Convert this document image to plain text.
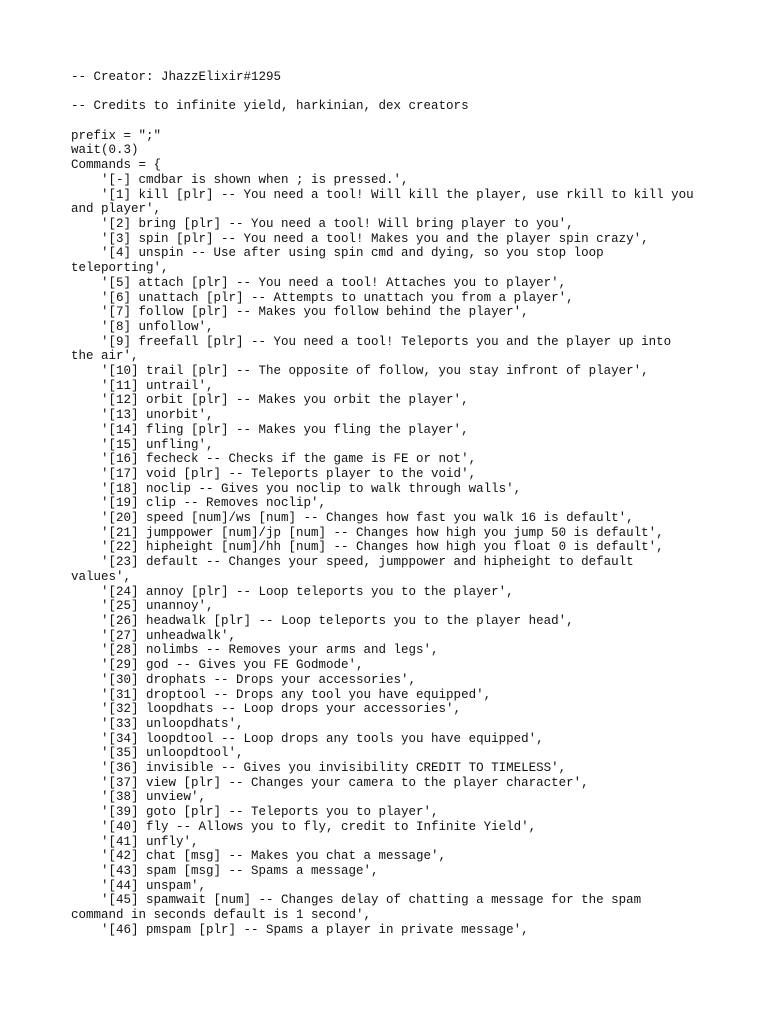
-- Creator: JhazzElixir#1295
-- Credits to infinite yield, harkinian, dex creators
prefix = ";"
wait(0.3)
Commands = {
'[-] cmdbar is shown when ; is pressed.',
'[1] kill [plr] -- You need a tool! Will kill the player, use rkill to kill you
and player',
'[2] bring [plr] -- You need a tool! Will bring player to you',
'[3] spin [plr] -- You need a tool! Makes you and the player spin crazy',
'[4] unspin -- Use after using spin cmd and dying, so you stop loop
teleporting',
'[5] attach [plr] -- You need a tool! Attaches you to player',
'[6] unattach [plr] -- Attempts to unattach you from a player',
'[7] follow [plr] -- Makes you follow behind the player',
'[8] unfollow',
'[9] freefall [plr] -- You need a tool! Teleports you and the player up into
the air',
'[10] trail [plr] -- The opposite of follow, you stay infront of player',
'[11] untrail',
'[12] orbit [plr] -- Makes you orbit the player',
'[13] unorbit',
'[14] fling [plr] -- Makes you fling the player',
'[15] unfling',
'[16] fecheck -- Checks if the game is FE or not',
'[17] void [plr] -- Teleports player to the void',
'[18] noclip -- Gives you noclip to walk through walls',
'[19] clip -- Removes noclip',
'[20] speed [num]/ws [num] -- Changes how fast you walk 16 is default',
'[21] jumppower [num]/jp [num] -- Changes how high you jump 50 is default',
'[22] hipheight [num]/hh [num] -- Changes how high you float 0 is default',
'[23] default -- Changes your speed, jumppower and hipheight to default
values',
'[24] annoy [plr] -- Loop teleports you to the player',
'[25] unannoy',
'[26] headwalk [plr] -- Loop teleports you to the player head',
'[27] unheadwalk',
'[28] nolimbs -- Removes your arms and legs',
'[29] god -- Gives you FE Godmode',
'[30] drophats -- Drops your accessories',
'[31] droptool -- Drops any tool you have equipped',
'[32] loopdhats -- Loop drops your accessories',
'[33] unloopdhats',
'[34] loopdtool -- Loop drops any tools you have equipped',
'[35] unloopdtool',
'[36] invisible -- Gives you invisibility CREDIT TO TIMELESS',
'[37] view [plr] -- Changes your camera to the player character',
'[38] unview',
'[39] goto [plr] -- Teleports you to player',
'[40] fly -- Allows you to fly, credit to Infinite Yield',
'[41] unfly',
'[42] chat [msg] -- Makes you chat a message',
'[43] spam [msg] -- Spams a message',
'[44] unspam',
'[45] spamwait [num] -- Changes delay of chatting a message for the spam
command in seconds default is 1 second',
'[46] pmspam [plr] -- Spams a player in private message',
